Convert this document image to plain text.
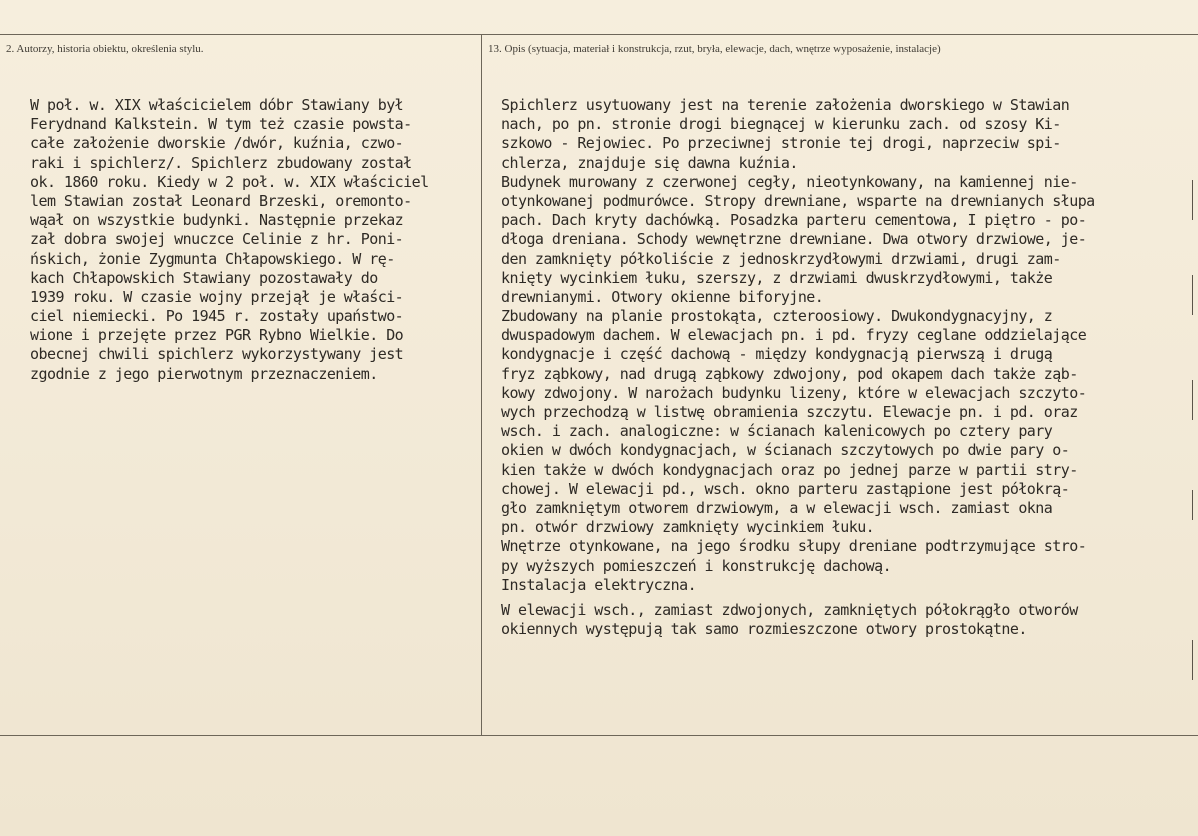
2. Autorzy, historia obiektu, określenia stylu.	13. Opis (sytuacja, materiał i konstrukcja, rzut, bryła, elewacje, dach, wnętrze wyposażenie, instalacje)
W poł. w. XIX właścicielem dóbr Stawiany był
Ferydnand Kalkstein. W tym też czasie powsta-
całe założenie dworskie /dwór, kuźnia, czwo-
raki i spichlerz/. Spichlerz zbudowany został
ok. 1860 roku. Kiedy w 2 poł. w. XIX właściciel
lem Stawian został Leonard Brzeski, oremonto-
wąał on wszystkie budynki. Następnie przekaz
zał dobra swojej wnuczce Celinie z hr. Poni-
ńskich, żonie Zygmunta Chłapowskiego. W rę-
kach Chłapowskich Stawiany pozostawały do
1939 roku. W czasie wojny przejął je właści-
ciel niemiecki. Po 1945 r. zostały upaństwo-
wione i przejęte przez PGR Rybno Wielkie. Do
obecnej chwili spichlerz wykorzystywany jest
zgodnie z jego pierwotnym przeznaczeniem.
Spichlerz usytuowany jest na terenie założenia dworskiego w Stawian
nach, po pn. stronie drogi biegnącej w kierunku zach. od szosy Ki-
szkowo - Rejowiec. Po przeciwnej stronie tej drogi, naprzeciw spi-
chlerza, znajduje się dawna kuźnia.
Budynek murowany z czerwonej cegły, nieotynkowany, na kamiennej nie-
otynkowanej podmurówce. Stropy drewniane, wsparte na drewnianych słupa
pach. Dach kryty dachówką. Posadzka parteru cementowa, I piętro - po-
dłoga dreniana. Schody wewnętrzne drewniane. Dwa otwory drzwiowe, je-
den zamknięty półkoliście z jednoskrzydłowymi drzwiami, drugi zam-
knięty wycinkiem łuku, szerszy, z drzwiami dwuskrzydłowymi, także
drewnianymi. Otwory okienne biforyjne.
Zbudowany na planie prostokąta, czteroosiowy. Dwukondygnacyjny, z
dwuspadowym dachem. W elewacjach pn. i pd. fryzy ceglane oddzielające
kondygnacje i część dachową - między kondygnacją pierwszą i drugą
fryz ząbkowy, nad drugą ząbkowy zdwojony, pod okapem dach także ząb-
kowy zdwojony. W narożach budynku lizeny, które w elewacjach szczyto-
wych przechodzą w listwę obramienia szczytu. Elewacje pn. i pd. oraz
wsch. i zach. analogiczne: w ścianach kalenicowych po cztery pary
okien w dwóch kondygnacjach, w ścianach szczytowych po dwie pary o-
kien także w dwóch kondygnacjach oraz po jednej parze w partii stry-
chowej. W elewacji pd., wsch. okno parteru zastąpione jest półokrą-
gło zamkniętym otworem drzwiowym, a w elewacji wsch. zamiast okna
pn. otwór drzwiowy zamknięty wycinkiem łuku.
Wnętrze otynkowane, na jego środku słupy dreniane podtrzymujące stro-
py wyższych pomieszczeń i konstrukcję dachową.
Instalacja elektryczna.
W elewacji wsch., zamiast zdwojonych, zamkniętych półokrągło otworów
okiennych występują tak samo rozmieszczone otwory prostokątne.
